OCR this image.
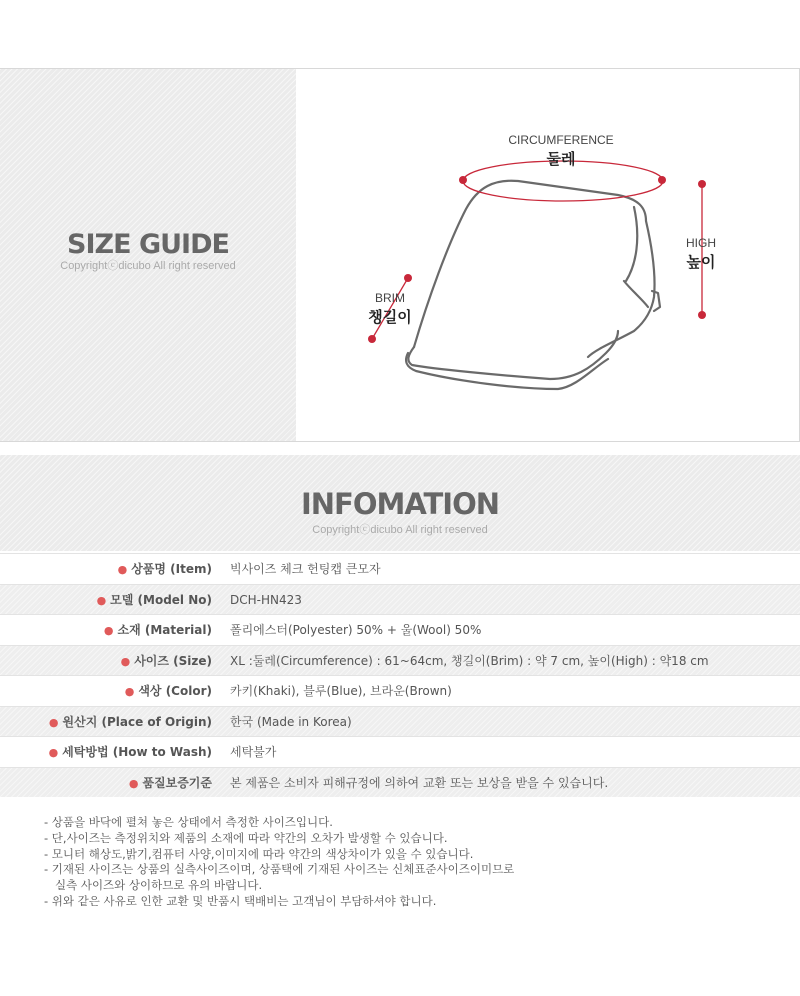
SIZE GUIDE
Copyrightⓒdicubo All right reserved
CIRCUMFERENCE
둘레
HIGH
높이
BRIM
챙길이
INFOMATION
Copyrightⓒdicubo All right reserved
● 상품명 (Item) 빅사이즈 체크 헌팅캡 큰모자
● 모델 (Model No) DCH-HN423
● 소재 (Material) 폴리에스터(Polyester) 50% + 울(Wool) 50%
● 사이즈 (Size) XL :둘레(Circumference) : 61~64cm, 챙길이(Brim) : 약 7 cm, 높이(High) : 약18 cm
● 색상 (Color) 카키(Khaki), 블루(Blue), 브라운(Brown)
● 원산지 (Place of Origin) 한국 (Made in Korea)
● 세탁방법 (How to Wash) 세탁불가
● 품질보증기준 본 제품은 소비자 피해규정에 의하여 교환 또는 보상을 받을 수 있습니다.
- 상품을 바닥에 펼쳐 놓은 상태에서 측정한 사이즈입니다.
- 단,사이즈는 측정위치와 제품의 소재에 따라 약간의 오차가 발생할 수 있습니다.
- 모니터 해상도,밝기,컴퓨터 사양,이미지에 따라 약간의 색상차이가 있을 수 있습니다.
- 기재된 사이즈는 상품의 실측사이즈이며, 상품택에 기재된 사이즈는 신체표준사이즈이미므로
실측 사이즈와 상이하므로 유의 바랍니다.
- 위와 같은 사유로 인한 교환 및 반품시 택배비는 고객님이 부담하셔야 합니다.
